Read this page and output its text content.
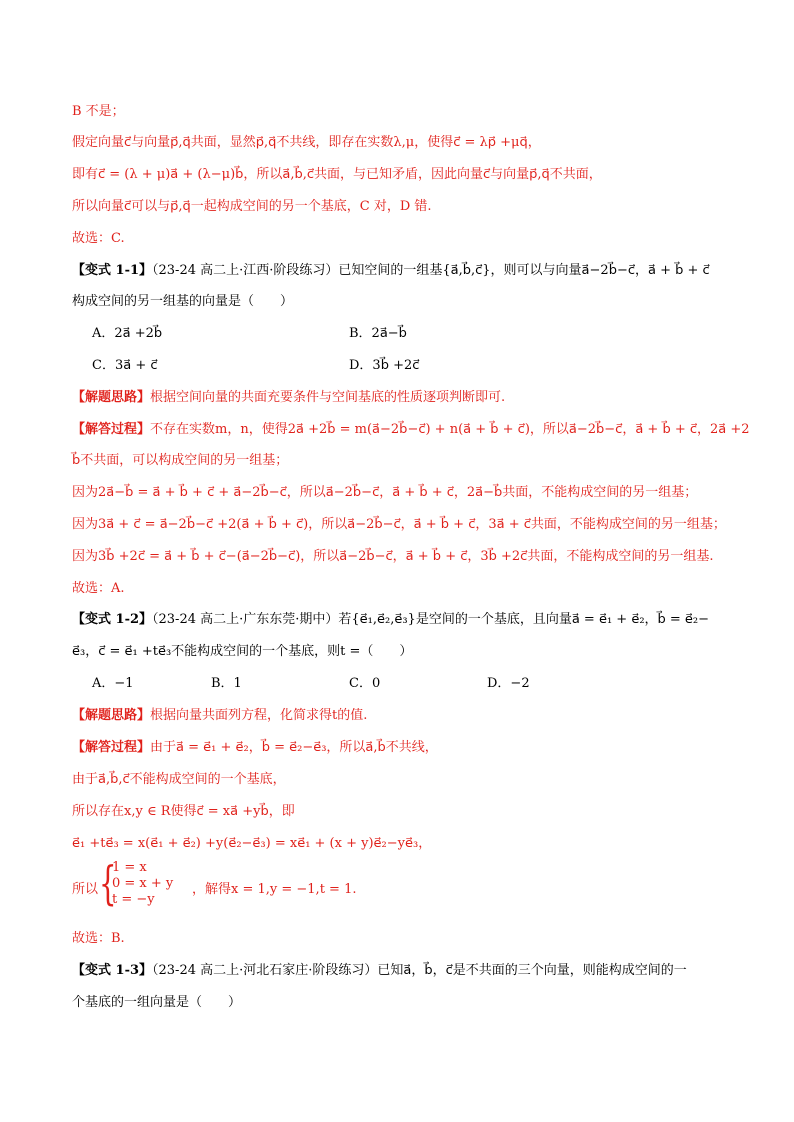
B 不是；
假定向量c⃗与向量p⃗,q⃗共面，显然p⃗,q⃗不共线，即存在实数λ,μ，使得c⃗ = λp⃗ +μq⃗，
即有c⃗ = (λ + μ)a⃗ + (λ−μ)b⃗，所以a⃗,b⃗,c⃗共面，与已知矛盾，因此向量c⃗与向量p⃗,q⃗不共面，
所以向量c⃗可以与p⃗,q⃗一起构成空间的另一个基底，C 对，D 错.
故选：C.
【变式 1-1】（23-24 高二上·江西·阶段练习）已知空间的一组基{a⃗,b⃗,c⃗}，则可以与向量a⃗−2b⃗−c⃗，a⃗ + b⃗ + c⃗
构成空间的另一组基的向量是（　　）
A．2a⃗ +2b⃗	B．2a⃗−b⃗
C．3a⃗ + c⃗	D．3b⃗ +2c⃗
【解题思路】根据空间向量的共面充要条件与空间基底的性质逐项判断即可.
【解答过程】不存在实数m，n，使得2a⃗ +2b⃗ = m(a⃗−2b⃗−c⃗) + n(a⃗ + b⃗ + c⃗)，所以a⃗−2b⃗−c⃗，a⃗ + b⃗ + c⃗，2a⃗ +2
b⃗不共面，可以构成空间的另一组基；
因为2a⃗−b⃗ = a⃗ + b⃗ + c⃗ + a⃗−2b⃗−c⃗，所以a⃗−2b⃗−c⃗，a⃗ + b⃗ + c⃗，2a⃗−b⃗共面，不能构成空间的另一组基；
因为3a⃗ + c⃗ = a⃗−2b⃗−c⃗ +2(a⃗ + b⃗ + c⃗)，所以a⃗−2b⃗−c⃗，a⃗ + b⃗ + c⃗，3a⃗ + c⃗共面，不能构成空间的另一组基；
因为3b⃗ +2c⃗ = a⃗ + b⃗ + c⃗−(a⃗−2b⃗−c⃗)，所以a⃗−2b⃗−c⃗，a⃗ + b⃗ + c⃗，3b⃗ +2c⃗共面，不能构成空间的另一组基.
故选：A.
【变式 1-2】（23-24 高二上·广东东莞·期中）若{e⃗₁,e⃗₂,e⃗₃}是空间的一个基底，且向量a⃗ = e⃗₁ + e⃗₂，b⃗ = e⃗₂−
e⃗₃，c⃗ = e⃗₁ +te⃗₃不能构成空间的一个基底，则t =（　　）
A．−1	B．1	C．0	D．−2
【解题思路】根据向量共面列方程，化简求得t的值.
【解答过程】由于a⃗ = e⃗₁ + e⃗₂，b⃗ = e⃗₂−e⃗₃，所以a⃗,b⃗不共线，
由于a⃗,b⃗,c⃗不能构成空间的一个基底，
所以存在x,y ∈ R使得c⃗ = xa⃗ +yb⃗，即
e⃗₁ +te⃗₃ = x(e⃗₁ + e⃗₂) +y(e⃗₂−e⃗₃) = xe⃗₁ + (x + y)e⃗₂−ye⃗₃，
所以 {
1 = x
0 = x + y
t = −y
，解得x = 1,y = −1,t = 1.
故选：B.
【变式 1-3】（23-24 高二上·河北石家庄·阶段练习）已知a⃗，b⃗，c⃗是不共面的三个向量，则能构成空间的一
个基底的一组向量是（　　）
